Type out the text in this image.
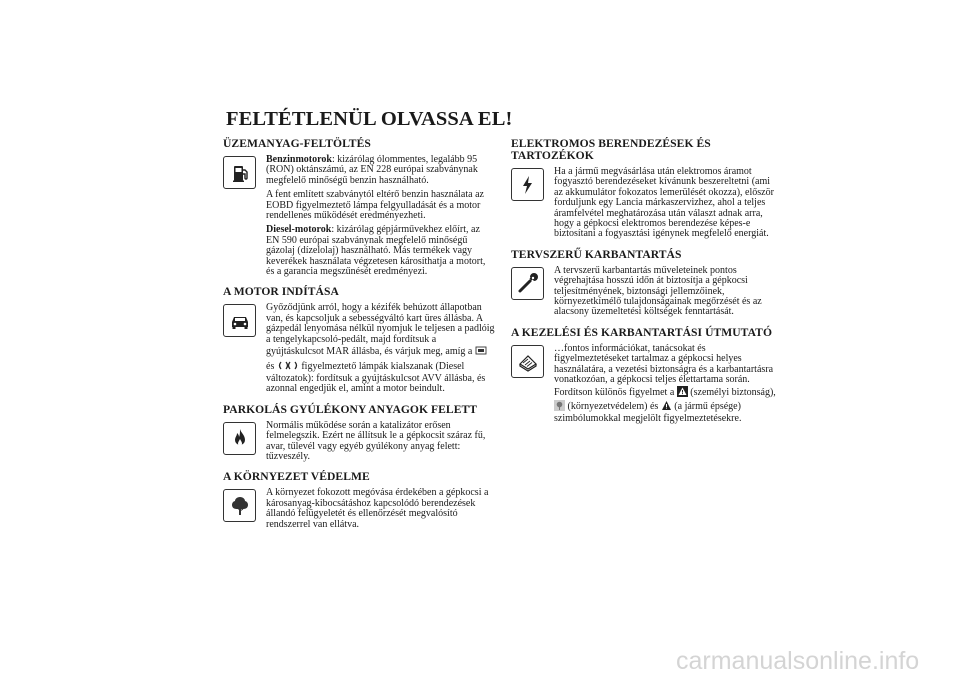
FELTÉTLENÜL OLVASSA EL!
ÜZEMANYAG-FELTÖLTÉS

Benzinmotorok: kizárólag ólommentes, legalább 95 (RON) oktánszámú, az EN 228 európai szabványnak megfelelő minőségű benzin használható.

A fent említett szabványtól eltérő benzin használata az EOBD figyelmeztető lámpa felgyulladását és a motor rendellenes működését eredményezheti.

Diesel-motorok: kizárólag gépjárművekhez előírt, az EN 590 európai szabványnak megfelelő minőségű gázolaj (dízelolaj) használható. Más termékek vagy keverékek használata végzetesen károsíthatja a motort, és a garancia megszűnését eredményezi.

A MOTOR INDÍTÁSA

Győződjünk arról, hogy a kézifék behúzott állapotban van, és kapcsoljuk a sebességváltó kart üres állásba. A gázpedál lenyomása nélkül nyomjuk le teljesen a padlóig a tengelykapcsoló-pedált, majd fordítsuk a gyújtáskulcsot MAR állásba, és várjuk meg, amíg a  és	figyelmeztető lámpák kialszanak (Diesel változatok): fordítsuk a gyújtáskulcsot AVV állásba, és azonnal engedjük el, amint a motor beindult.

PARKOLÁS GYÚLÉKONY ANYAGOK FELETT

Normális működése során a katalizátor erősen felmelegszik. Ezért ne állítsuk le a gépkocsit száraz fű, avar, tűlevél vagy egyéb gyúlékony anyag felett: tűzveszély.

A KÖRNYEZET VÉDELME

A környezet fokozott megóvása érdekében a gépkocsi a károsanyag-kibocsátáshoz kapcsolódó berendezések állandó felügyeletét és ellenőrzését megvalósító rendszerrel van ellátva.

ELEKTROMOS BERENDEZÉSEK ÉS TARTOZÉKOK

Ha a jármű megvásárlása után elektromos áramot fogyasztó berendezéseket kívánunk beszereltetni (ami az akkumulátor fokozatos lemerülését okozza), először forduljunk egy Lancia márkaszervizhez, ahol a teljes áramfelvétel meghatározása után választ adnak arra, hogy a gépkocsi elektromos berendezése képes-e biztosítani a fogyasztási igénynek megfelelő energiát.

TERVSZERŰ KARBANTARTÁS

A tervszerű karbantartás műveleteinek pontos végrehajtása hosszú időn át biztosítja a gépkocsi teljesítményének, biztonsági jellemzőinek, környezetkímélő tulajdonságainak megőrzését és az alacsony üzemeltetési költségek fenntartását.

A KEZELÉSI ÉS KARBANTARTÁSI ÚTMUTATÓ

…fontos információkat, tanácsokat és figyelmeztetéseket tartalmaz a gépkocsi helyes használatára, a vezetési biztonságra és a karbantartásra vonatkozóan, a gépkocsi teljes élettartama során. Fordítson különös figyelmet a (személyi biztonság),  (környezetvédelem) és (a jármű épsége) szimbólumokkal megjelölt figyelmeztetésekre.

carmanualsonline.info
